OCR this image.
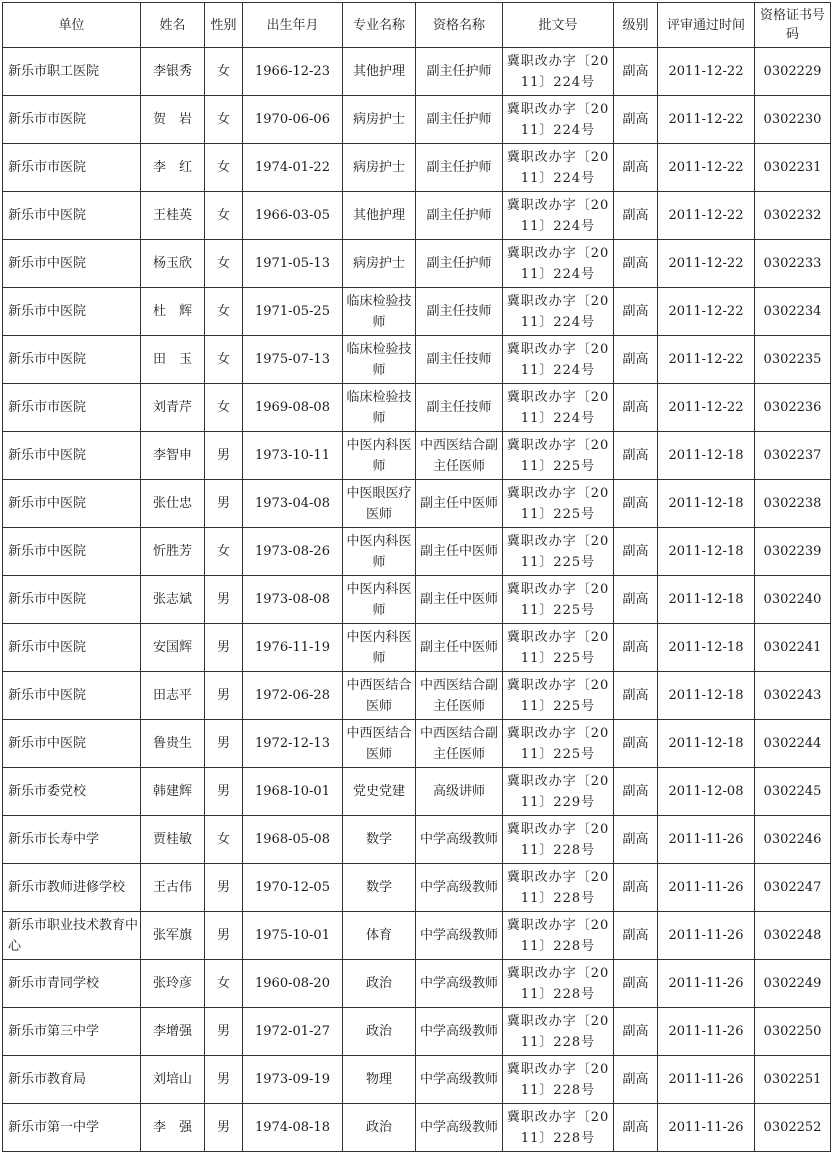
单位	姓名	性别	出生年月	专业名称	资格名称	批文号	级别	评审通过时间	资格证书号码
新乐市职工医院	李银秀	女	1966-12-23	其他护理	副主任护师	冀职改办字〔2011〕224号	副高	2011-12-22	0302229
新乐市市医院	贺　岩	女	1970-06-06	病房护士	副主任护师	冀职改办字〔2011〕224号	副高	2011-12-22	0302230
新乐市市医院	李　红	女	1974-01-22	病房护士	副主任护师	冀职改办字〔2011〕224号	副高	2011-12-22	0302231
新乐市中医院	王桂英	女	1966-03-05	其他护理	副主任护师	冀职改办字〔2011〕224号	副高	2011-12-22	0302232
新乐市中医院	杨玉欣	女	1971-05-13	病房护士	副主任护师	冀职改办字〔2011〕224号	副高	2011-12-22	0302233
新乐市中医院	杜　辉	女	1971-05-25	临床检验技师	副主任技师	冀职改办字〔2011〕224号	副高	2011-12-22	0302234
新乐市中医院	田　玉	女	1975-07-13	临床检验技师	副主任技师	冀职改办字〔2011〕224号	副高	2011-12-22	0302235
新乐市市医院	刘青芹	女	1969-08-08	临床检验技师	副主任技师	冀职改办字〔2011〕224号	副高	2011-12-22	0302236
新乐市中医院	李智申	男	1973-10-11	中医内科医师	中西医结合副主任医师	冀职改办字〔2011〕225号	副高	2011-12-18	0302237
新乐市中医院	张仕忠	男	1973-04-08	中医眼医疗医师	副主任中医师	冀职改办字〔2011〕225号	副高	2011-12-18	0302238
新乐市中医院	忻胜芳	女	1973-08-26	中医内科医师	副主任中医师	冀职改办字〔2011〕225号	副高	2011-12-18	0302239
新乐市中医院	张志斌	男	1973-08-08	中医内科医师	副主任中医师	冀职改办字〔2011〕225号	副高	2011-12-18	0302240
新乐市中医院	安国辉	男	1976-11-19	中医内科医师	副主任中医师	冀职改办字〔2011〕225号	副高	2011-12-18	0302241
新乐市中医院	田志平	男	1972-06-28	中西医结合医师	中西医结合副主任医师	冀职改办字〔2011〕225号	副高	2011-12-18	0302243
新乐市中医院	鲁贵生	男	1972-12-13	中西医结合医师	中西医结合副主任医师	冀职改办字〔2011〕225号	副高	2011-12-18	0302244
新乐市委党校	韩建辉	男	1968-10-01	党史党建	高级讲师	冀职改办字〔2011〕229号	副高	2011-12-08	0302245
新乐市长寿中学	贾桂敏	女	1968-05-08	数学	中学高级教师	冀职改办字〔2011〕228号	副高	2011-11-26	0302246
新乐市教师进修学校	王古伟	男	1970-12-05	数学	中学高级教师	冀职改办字〔2011〕228号	副高	2011-11-26	0302247
新乐市职业技术教育中心	张军旗	男	1975-10-01	体育	中学高级教师	冀职改办字〔2011〕228号	副高	2011-11-26	0302248
新乐市青同学校	张玲彦	女	1960-08-20	政治	中学高级教师	冀职改办字〔2011〕228号	副高	2011-11-26	0302249
新乐市第三中学	李增强	男	1972-01-27	政治	中学高级教师	冀职改办字〔2011〕228号	副高	2011-11-26	0302250
新乐市教育局	刘培山	男	1973-09-19	物理	中学高级教师	冀职改办字〔2011〕228号	副高	2011-11-26	0302251
新乐市第一中学	李　强	男	1974-08-18	政治	中学高级教师	冀职改办字〔2011〕228号	副高	2011-11-26	0302252
